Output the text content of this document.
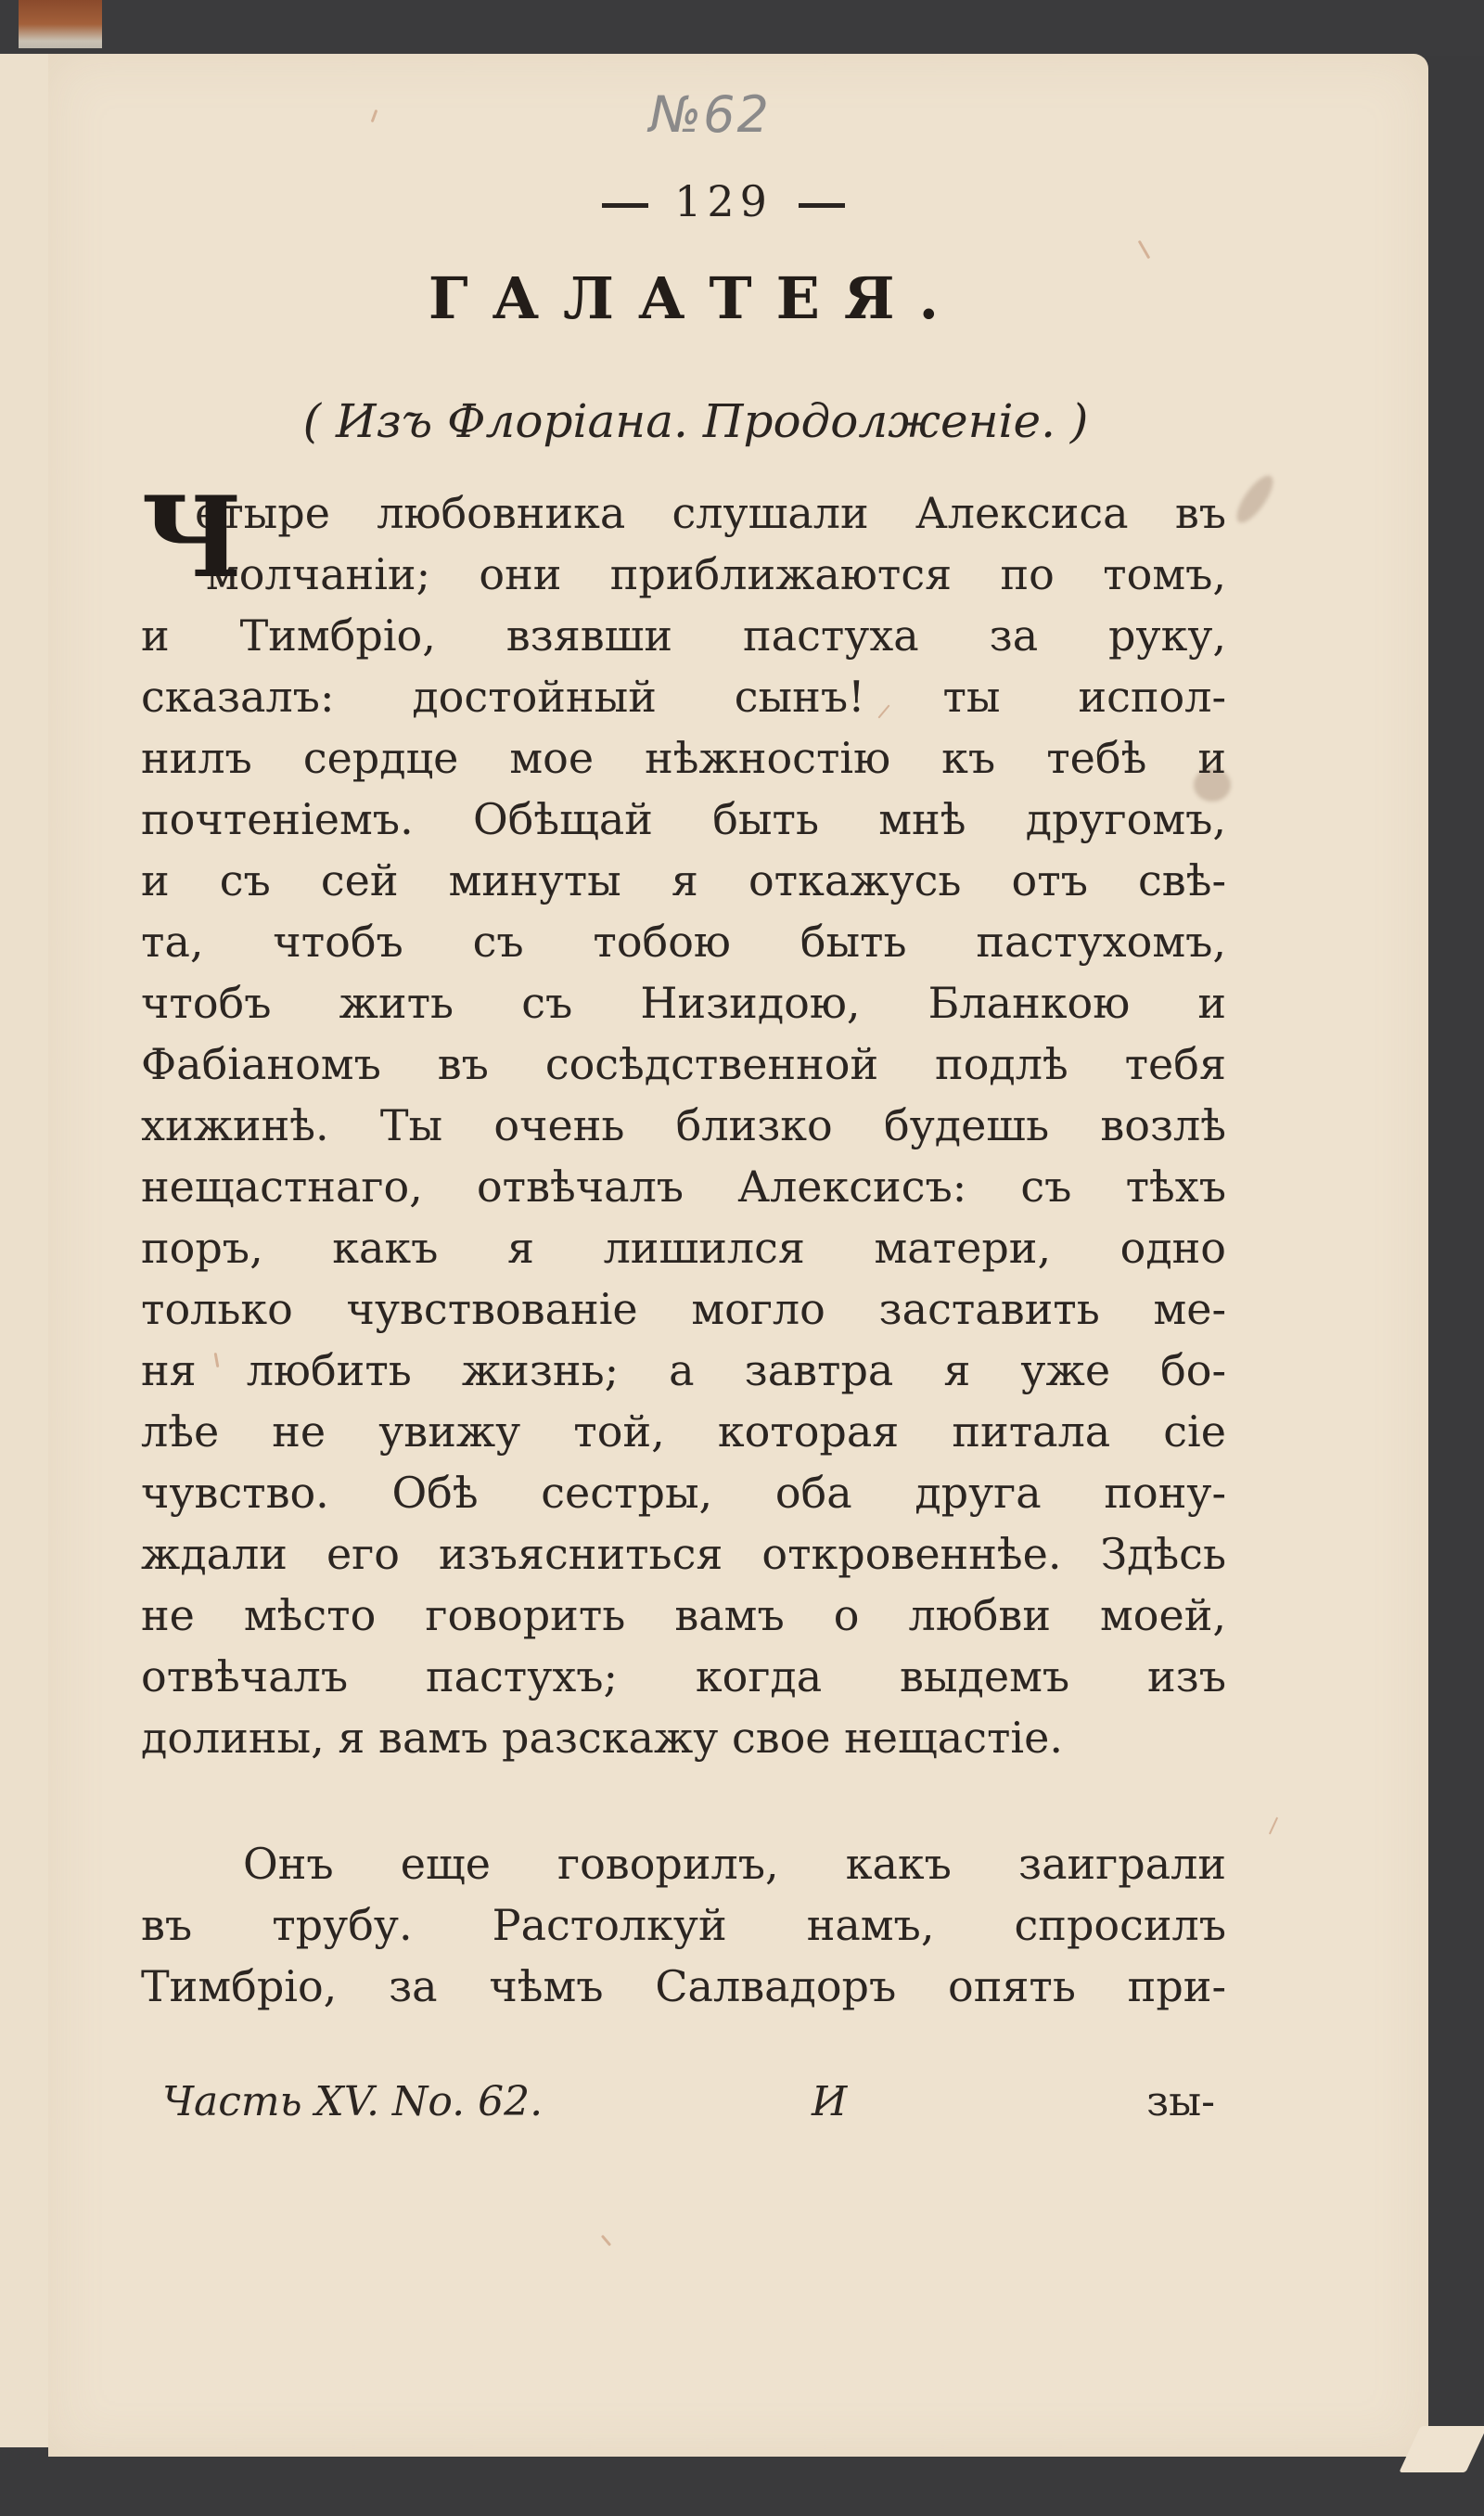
№62
129
ГАЛАТЕЯ.
( Изъ Флоріана. Продолженіе. )
Ч
етыре любовника слушали Алексиса въ
молчаніи; они приближаются по томъ,
и Тимбріо, взявши пастуха за руку,
сказалъ: достойный сынъ! ты испол-
нилъ сердце мое нѣжностію къ тебѣ и
почтеніемъ. Обѣщай быть мнѣ другомъ,
и съ сей минуты я откажусь отъ свѣ-
та, чтобъ съ тобою быть пастухомъ,
чтобъ жить съ Низидою, Бланкою и
Фабіаномъ въ сосѣдственной подлѣ тебя
хижинѣ. Ты очень близко будешь возлѣ
нещастнаго, отвѣчалъ Алексисъ: съ тѣхъ
поръ, какъ я лишился матери, одно
только чувствованіе могло заставить ме-
ня любить жизнь; а завтра я уже бо-
лѣе не увижу той, которая питала сіе
чувство. Обѣ сестры, оба друга пону-
ждали его изъясниться откровеннѣе. Здѣсь
не мѣсто говорить вамъ о любви моей,
отвѣчалъ пастухъ; когда выдемъ изъ
долины, я вамъ разскажу свое нещастіе.
Онъ еще говорилъ, какъ заиграли
въ трубу. Растолкуй намъ, спросилъ
Тимбріо, за чѣмъ Салвадоръ опять при-
Часть XV. No. 62.	И	зы-
